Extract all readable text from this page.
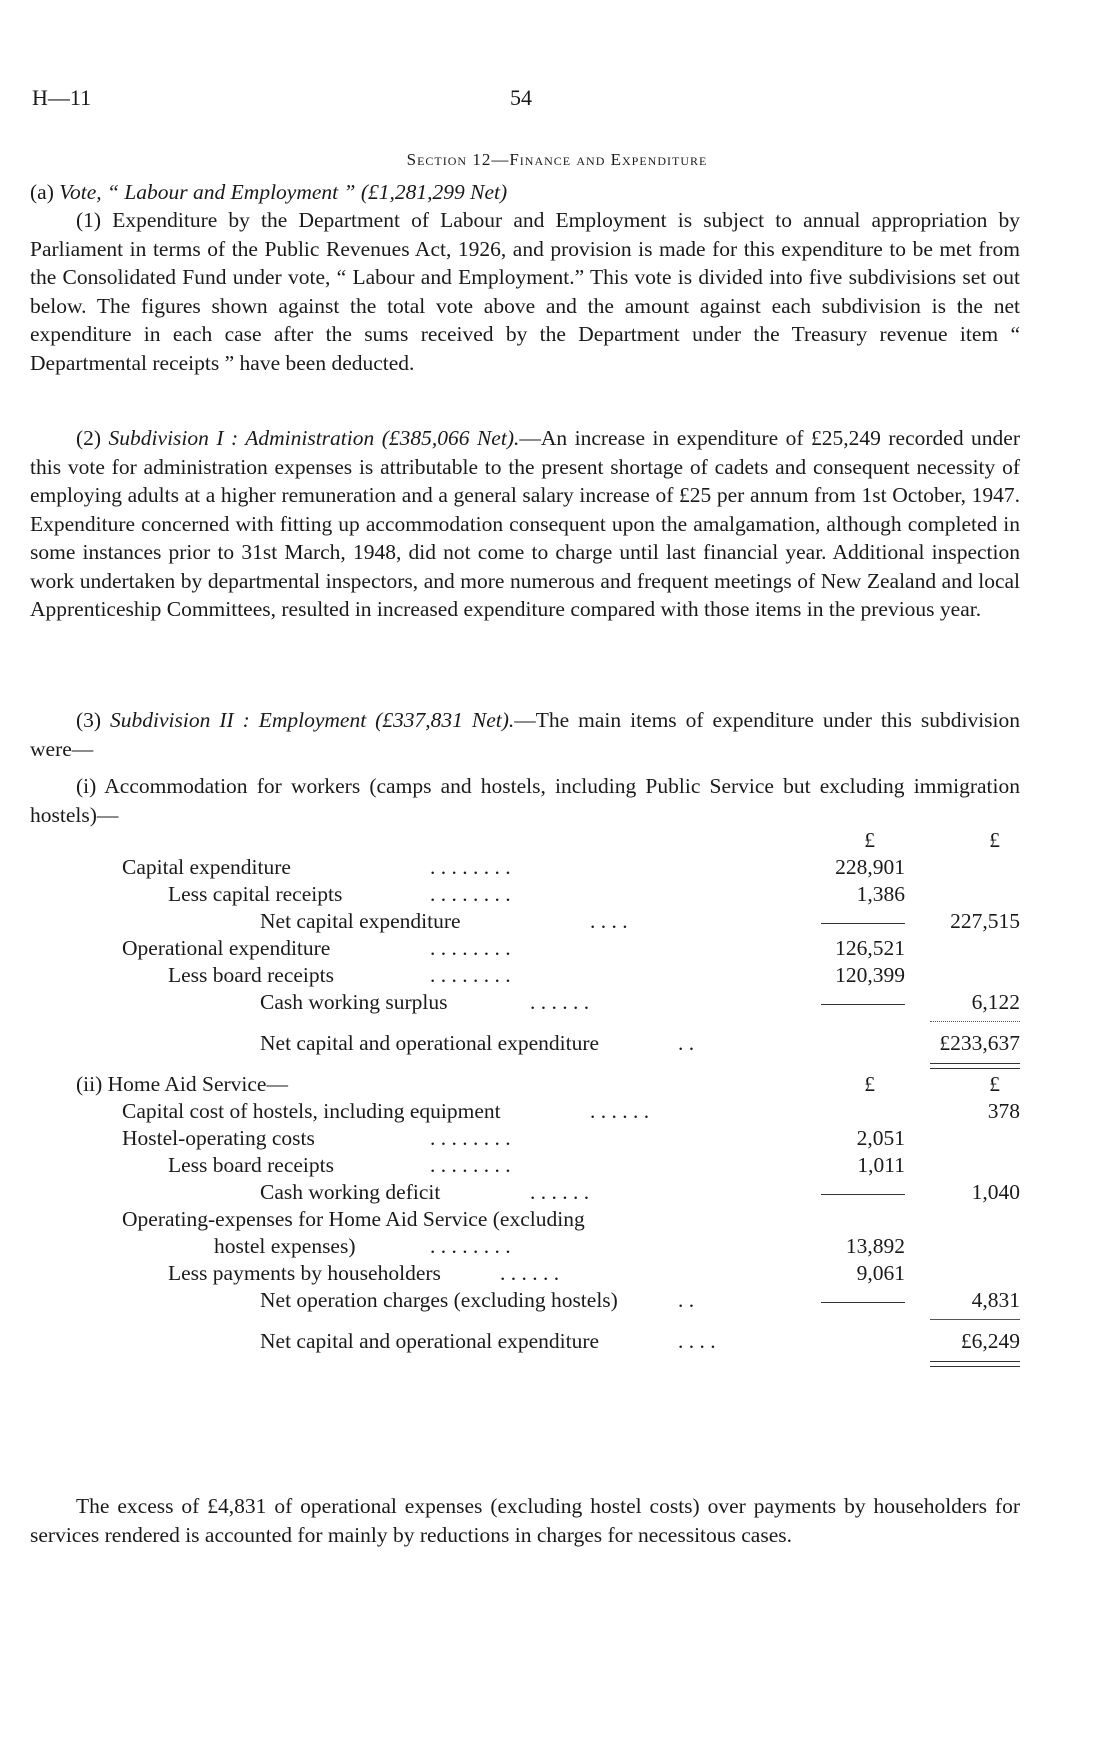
H—11	54
Section 12—Finance and Expenditure
(a) Vote, “ Labour and Employment ” (£1,281,299 Net)

(1) Expenditure by the Department of Labour and Employment is subject to annual appropriation by Parliament in terms of the Public Revenues Act, 1926, and provision is made for this expenditure to be met from the Consolidated Fund under vote, “ Labour and Employment.” This vote is divided into five subdivisions set out below. The figures shown against the total vote above and the amount against each subdivision is the net expenditure in each case after the sums received by the Department under the Treasury revenue item “ Departmental receipts ” have been deducted.

(2) Subdivision I : Administration (£385,066 Net).—An increase in expenditure of £25,249 recorded under this vote for administration expenses is attributable to the present shortage of cadets and consequent necessity of employing adults at a higher remuneration and a general salary increase of £25 per annum from 1st October, 1947. Expenditure concerned with fitting up accommodation consequent upon the amalgamation, although completed in some instances prior to 31st March, 1948, did not come to charge until last financial year. Additional inspection work undertaken by departmental inspectors, and more numerous and frequent meetings of New Zealand and local Apprenticeship Committees, resulted in increased expenditure compared with those items in the previous year.

(3) Subdivision II : Employment (£337,831 Net).—The main items of expenditure under this subdivision were—

(i) Accommodation for workers (camps and hostels, including Public Service but excluding immigration hostels)—

£	£
Capital expenditure	. . . . . . . .	228,901
Less capital receipts	. . . . . . . .	1,386
Net capital expenditure	. . . .	227,515
Operational expenditure	. . . . . . . .	126,521
Less board receipts	. . . . . . . .	120,399
Cash working surplus	. . . . . .	6,122
Net capital and operational expenditure	. .	£233,637
(ii) Home Aid Service—	£	£
Capital cost of hostels, including equipment	. . . . . .	378
Hostel-operating costs	. . . . . . . .	2,051
Less board receipts	. . . . . . . .	1,011
Cash working deficit	. . . . . .	1,040
Operating-expenses for Home Aid Service (excluding
hostel expenses)	. . . . . . . .	13,892
Less payments by householders	. . . . . .	9,061
Net operation charges (excluding hostels)	. .	4,831
Net capital and operational expenditure	. . . .	£6,249

The excess of £4,831 of operational expenses (excluding hostel costs) over payments by householders for services rendered is accounted for mainly by reductions in charges for necessitous cases.
